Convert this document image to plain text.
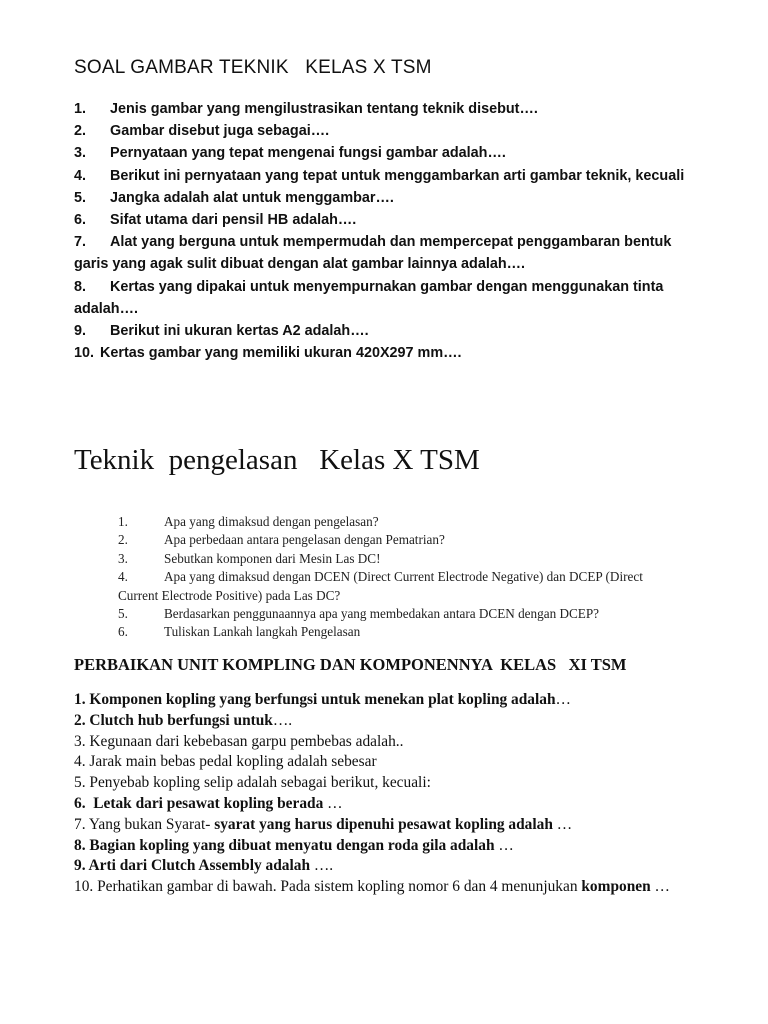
SOAL GAMBAR TEKNIK   KELAS X TSM
1. Jenis gambar yang mengilustrasikan tentang teknik disebut….
2. Gambar disebut juga sebagai….
3. Pernyataan yang tepat mengenai fungsi gambar adalah….
4. Berikut ini pernyataan yang tepat untuk menggambarkan arti gambar teknik, kecuali
5. Jangka adalah alat untuk menggambar….
6. Sifat utama dari pensil HB adalah….
7. Alat yang berguna untuk mempermudah dan mempercepat penggambaran bentuk garis yang agak sulit dibuat dengan alat gambar lainnya adalah….
8. Kertas yang dipakai untuk menyempurnakan gambar dengan menggunakan tinta adalah….
9. Berikut ini ukuran kertas A2 adalah….
10. Kertas gambar yang memiliki ukuran 420X297 mm….
Teknik  pengelasan   Kelas X TSM
1.	Apa yang dimaksud dengan pengelasan?
2.	Apa perbedaan antara pengelasan dengan Pematrian?
3.	Sebutkan komponen dari Mesin Las DC!
4.	Apa yang dimaksud dengan DCEN (Direct Current Electrode Negative) dan DCEP (Direct Current Electrode Positive) pada Las DC?
5.	Berdasarkan penggunaannya apa yang membedakan antara DCEN dengan DCEP?
6.	Tuliskan Lankah langkah Pengelasan
PERBAIKAN UNIT KOMPLING DAN KOMPONENNYA  KELAS   XI TSM
1. Komponen kopling yang berfungsi untuk menekan plat kopling adalah…
2. Clutch hub berfungsi untuk….
3. Kegunaan dari kebebasan garpu pembebas adalah..
4. Jarak main bebas pedal kopling adalah sebesar
5. Penyebab kopling selip adalah sebagai berikut, kecuali:
6.  Letak dari pesawat kopling berada …
7. Yang bukan Syarat- syarat yang harus dipenuhi pesawat kopling adalah …
8. Bagian kopling yang dibuat menyatu dengan roda gila adalah …
9. Arti dari Clutch Assembly adalah ….
10. Perhatikan gambar di bawah. Pada sistem kopling nomor 6 dan 4 menunjukan komponen …
